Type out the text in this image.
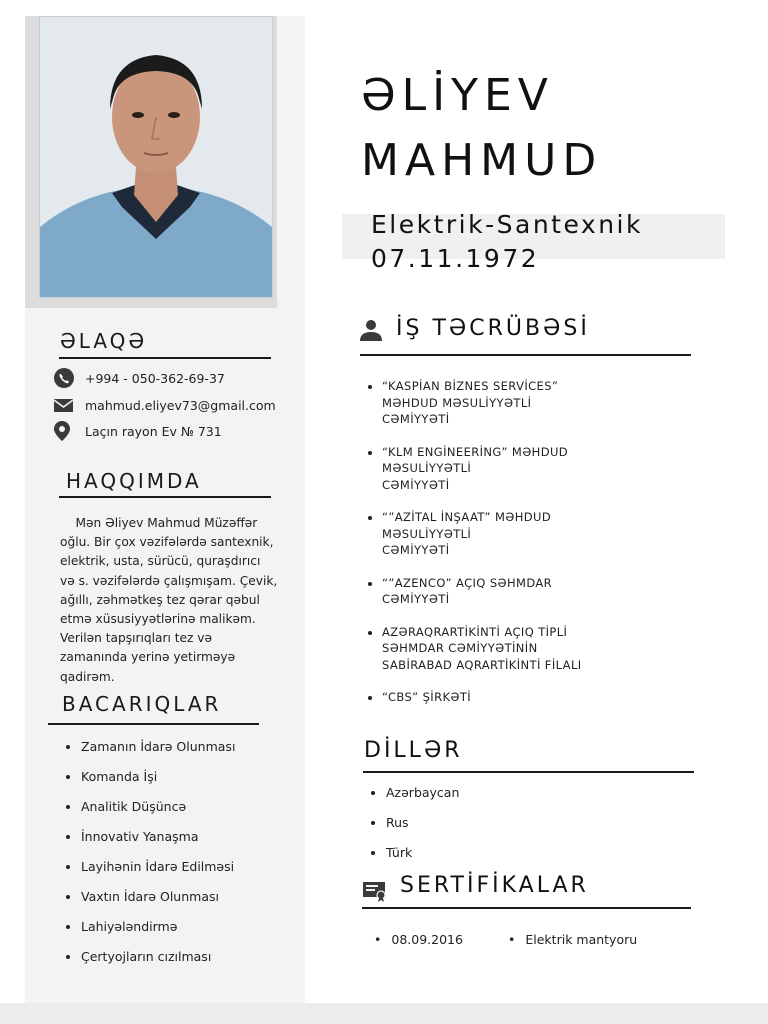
ƏLAQƏ
+994 - 050-362-69-37
mahmud.eliyev73@gmail.com
Laçın rayon Ev № 731
HAQQIMDA
Mən Əliyev Mahmud Müzəffər
oğlu. Bir çox vəzifələrdə santexnik,
elektrik, usta, sürücü, quraşdırıcı
və s. vəzifələrdə çalışmışam. Çevik,
ağıllı, zəhmətkeş tez qərar qəbul
etmə xüsusiyyətlərinə malikəm.
Verilən tapşırıqları tez və
zamanında yerinə yetirməyə
qadirəm.
BACARIQLAR
• Zamanın İdarə Olunması
• Komanda İşi
• Analitik Düşüncə
• İnnovativ Yanaşma
• Layihənin İdarə Edilməsi
• Vaxtın İdarə Olunması
• Lahiyələndirmə
• Çertyojların cızılması
ƏLİYEV
MAHMUD
Elektrik-Santexnik
07.11.1972
İŞ TƏCRÜBƏSİ
• “KASPİAN BİZNES SERVİCES”
MƏHDUD MƏSULİYYƏTLİ
CƏMİYYƏTİ
• “KLM ENGİNEERİNG” MƏHDUD
MƏSULİYYƏTLİ
CƏMİYYƏTİ
• “”AZİTAL İNŞAAT” MƏHDUD
MƏSULİYYƏTLİ
CƏMİYYƏTİ
• “”AZENCO” AÇIQ SƏHMDAR
CƏMİYYƏTİ
• AZƏRAQRARTİKİNTİ AÇIQ TİPLİ
SƏHMDAR CƏMİYYƏTİNİN
SABİRABAD AQRARTİKİNTİ FİLALI
• “CBS” ŞİRKƏTİ
DİLLƏR
• Azərbaycan
• Rus
• Türk
SERTİFİKALAR
• 08.09.2016
•	Elektrik mantyoru
